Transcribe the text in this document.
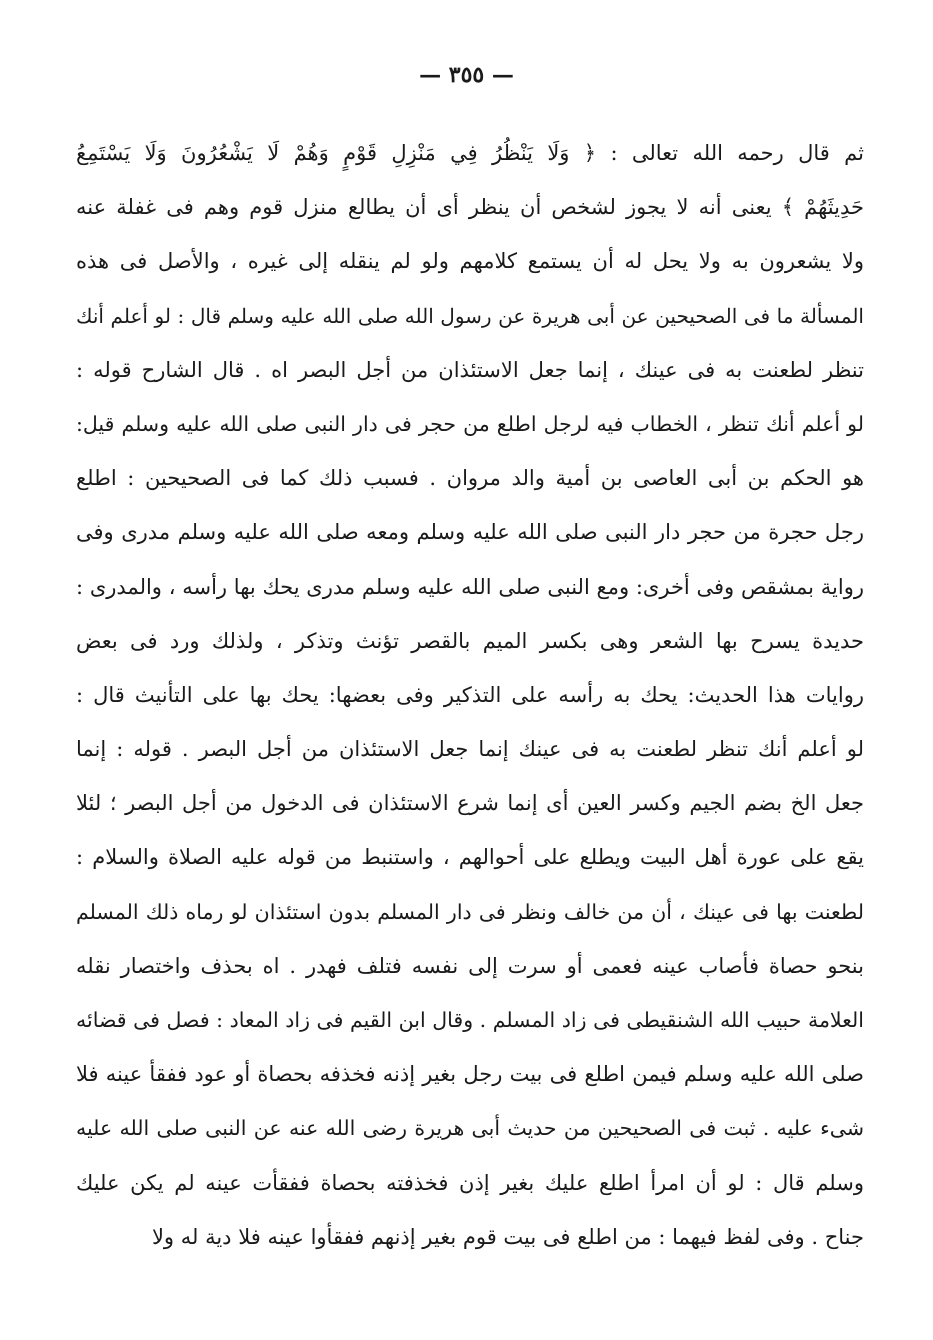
— ٣٥٥ —
ثم قال رحمه الله تعالى : ﴿ وَلَا يَنْظُرُ فِي مَنْزِلِ قَوْمٍ وَهُمْ لَا يَشْعُرُونَ وَلَا يَسْتَمِعُ
حَدِيثَهُمْ ﴾ يعنى أنه لا يجوز لشخص أن ينظر أى أن يطالع منزل قوم وهم فى غفلة عنه
ولا يشعرون به ولا يحل له أن يستمع كلامهم ولو لم ينقله إلى غيره ، والأصل فى هذه
المسألة ما فى الصحيحين عن أبى هريرة عن رسول الله صلى الله عليه وسلم قال : لو أعلم أنك
تنظر لطعنت به فى عينك ، إنما جعل الاستئذان من أجل البصر اه . قال الشارح قوله :
لو أعلم أنك تنظر ، الخطاب فيه لرجل اطلع من حجر فى دار النبى صلى الله عليه وسلم قيل:
هو الحكم بن أبى العاصى بن أمية والد مروان . فسبب ذلك كما فى الصحيحين : اطلع
رجل حجرة من حجر دار النبى صلى الله عليه وسلم ومعه صلى الله عليه وسلم مدرى وفى
رواية بمشقص وفى أخرى: ومع النبى صلى الله عليه وسلم مدرى يحك بها رأسه ، والمدرى :
حديدة يسرح بها الشعر وهى بكسر الميم بالقصر تؤنث وتذكر ، ولذلك ورد فى بعض
روايات هذا الحديث: يحك به رأسه على التذكير وفى بعضها: يحك بها على التأنيث قال :
لو أعلم أنك تنظر لطعنت به فى عينك إنما جعل الاستئذان من أجل البصر . قوله : إنما
جعل الخ بضم الجيم وكسر العين أى إنما شرع الاستئذان فى الدخول من أجل البصر ؛ لئلا
يقع على عورة أهل البيت ويطلع على أحوالهم ، واستنبط من قوله عليه الصلاة والسلام :
لطعنت بها فى عينك ، أن من خالف ونظر فى دار المسلم بدون استئذان لو رماه ذلك المسلم
بنحو حصاة فأصاب عينه فعمى أو سرت إلى نفسه فتلف فهدر . اه بحذف واختصار نقله
العلامة حبيب الله الشنقيطى فى زاد المسلم . وقال ابن القيم فى زاد المعاد : فصل فى قضائه
صلى الله عليه وسلم فيمن اطلع فى بيت رجل بغير إذنه فخذفه بحصاة أو عود ففقأ عينه فلا
شىء عليه . ثبت فى الصحيحين من حديث أبى هريرة رضى الله عنه عن النبى صلى الله عليه
وسلم قال : لو أن امرأ اطلع عليك بغير إذن فخذفته بحصاة ففقأت عينه لم يكن عليك
جناح . وفى لفظ فيهما : من اطلع فى بيت قوم بغير إذنهم ففقأوا عينه فلا دية له ولا
